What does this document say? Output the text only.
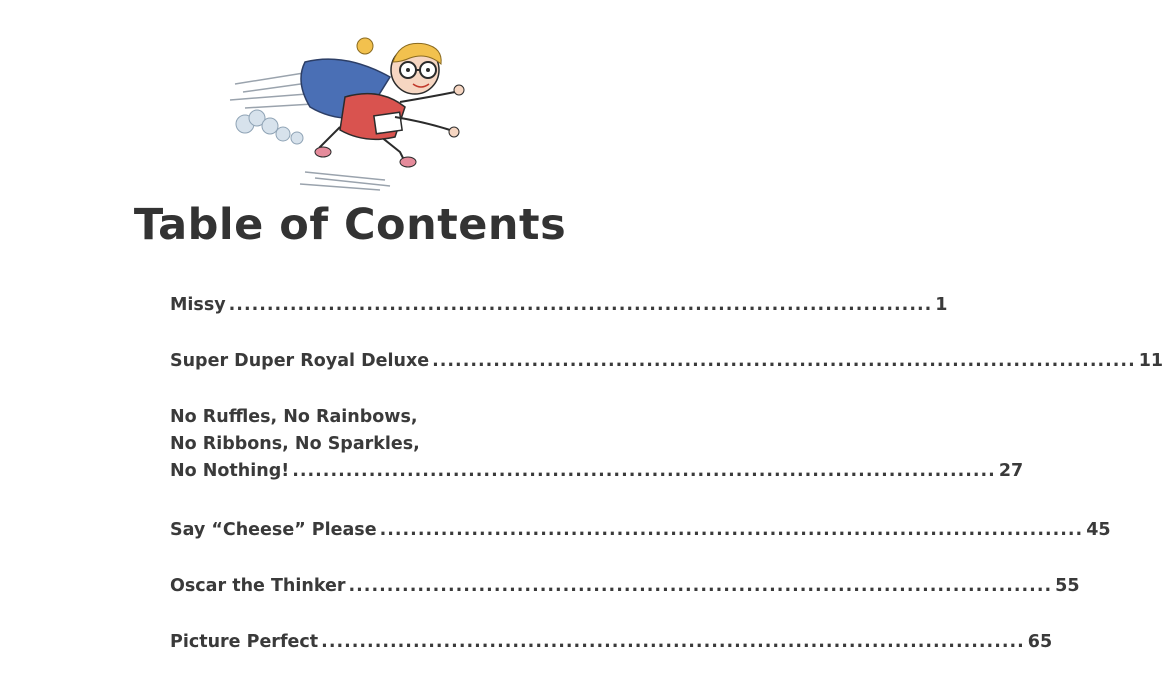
Table of Contents
Missy ............................................................................................ 1
Super Duper Royal Deluxe ............................................................................................ 11
No Ruffles, No Rainbows,
No Ribbons, No Sparkles,
No Nothing! ............................................................................................ 27
Say “Cheese” Please ............................................................................................ 45
Oscar the Thinker ............................................................................................ 55
Picture Perfect ............................................................................................ 65
